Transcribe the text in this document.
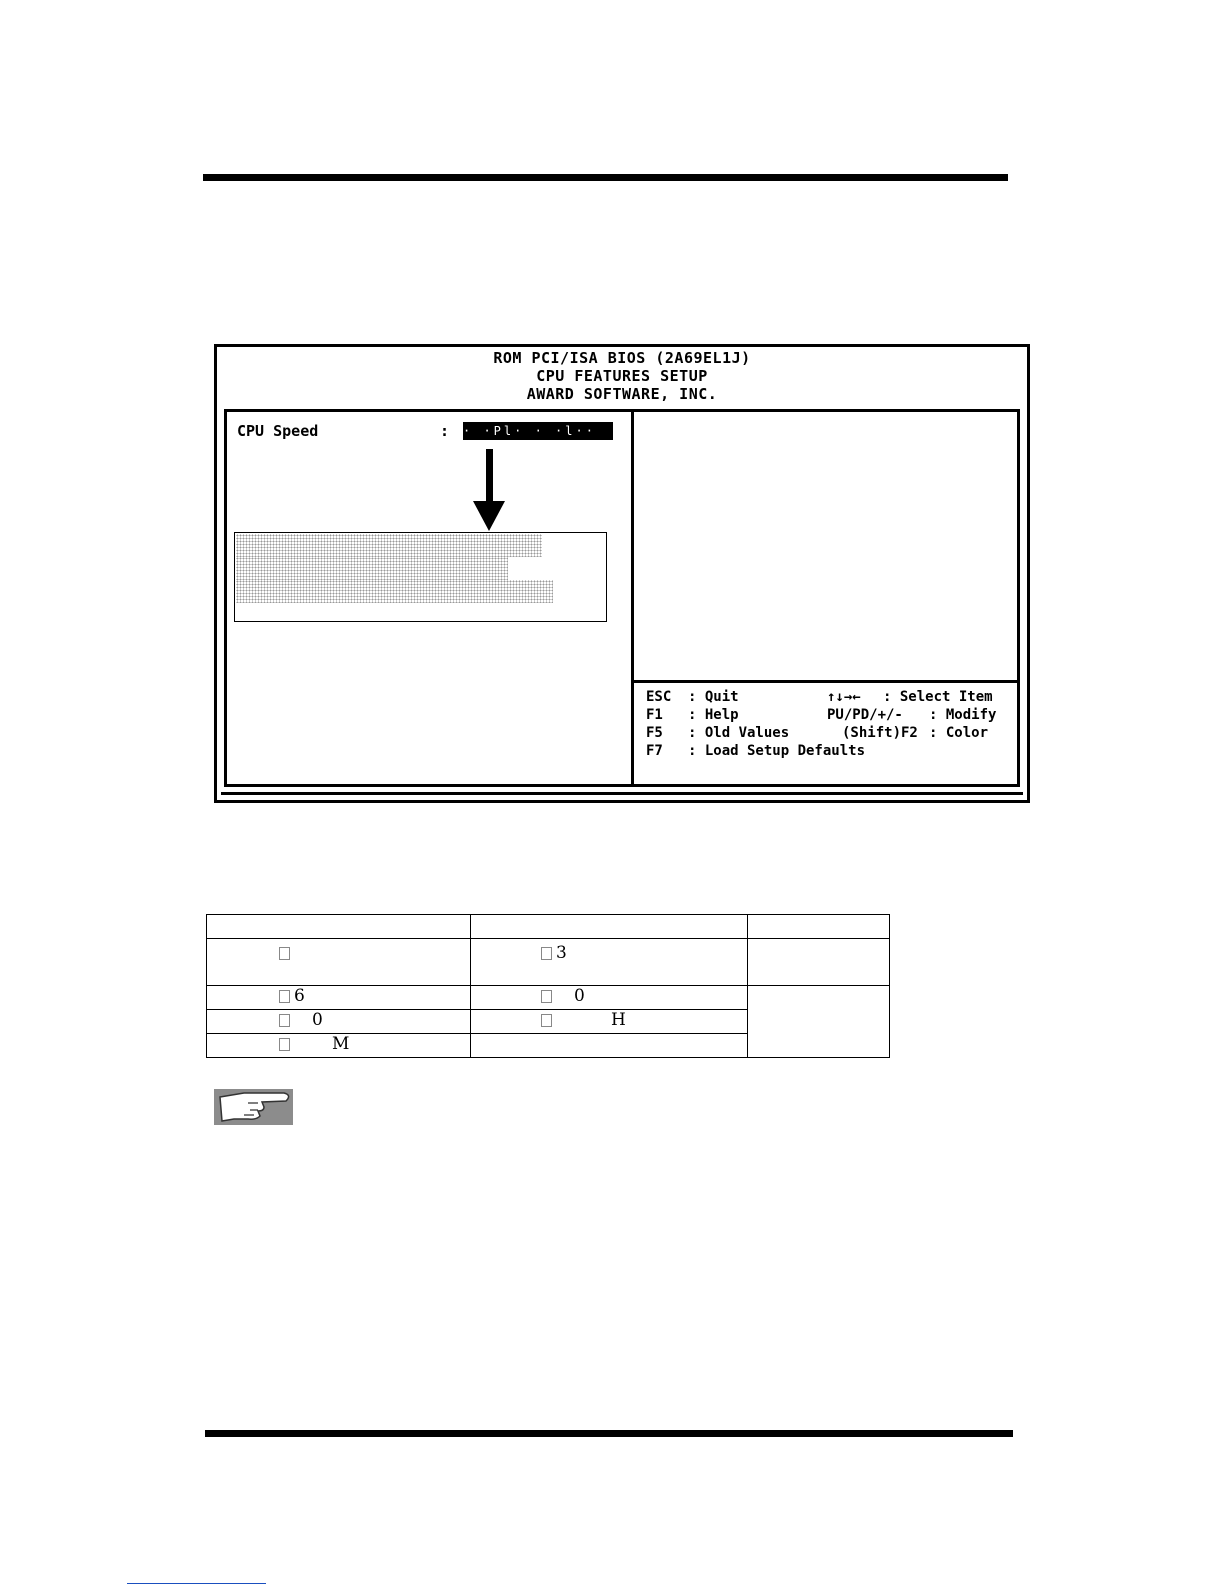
ROM PCI/ISA BIOS (2A69EL1J)
CPU FEATURES SETUP
AWARD SOFTWARE, INC.
CPU Speed	: · ·Pl· · ·l··
ESC : Quit	↑↓→← : Select Item
F1 : Help	PU/PD/+/- : Modify
F5 : Old Values	(Shift)F2 : Color
F7 : Load Setup Defaults

	3	

6	0	

0	H	

M		
